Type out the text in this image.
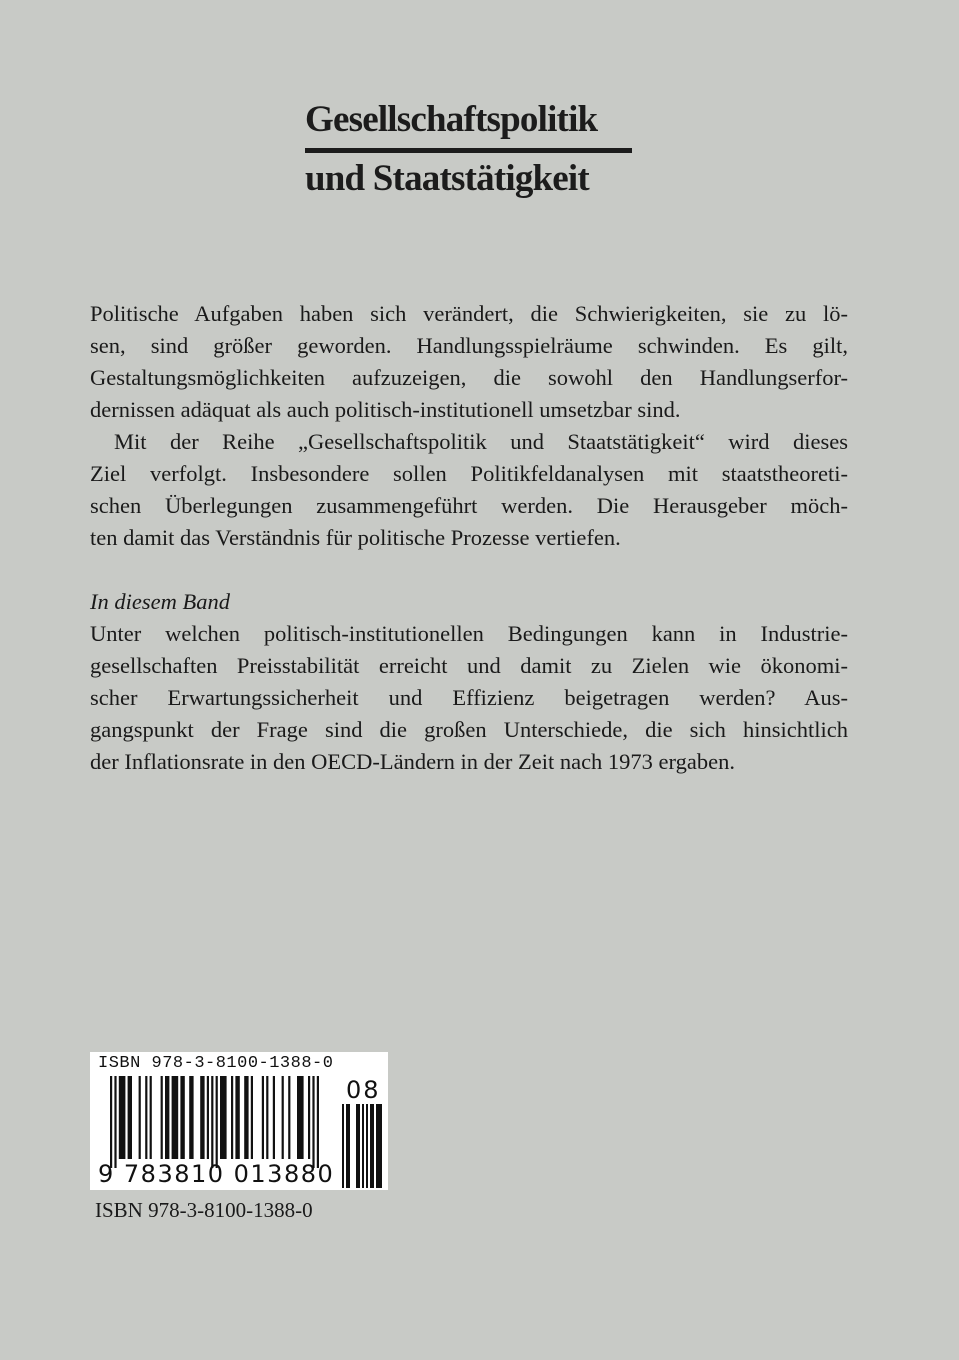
Gesellschaftspolitik
und Staatstätigkeit
Politische Aufgaben haben sich verändert, die Schwierigkeiten, sie zu lö-
sen, sind größer geworden. Handlungsspielräume schwinden. Es gilt,
Gestaltungsmöglichkeiten aufzuzeigen, die sowohl den Handlungserfor-
dernissen adäquat als auch politisch-institutionell umsetzbar sind.
Mit der Reihe „Gesellschaftspolitik und Staatstätigkeit“ wird dieses
Ziel verfolgt. Insbesondere sollen Politikfeldanalysen mit staatstheoreti-
schen Überlegungen zusammengeführt werden. Die Herausgeber möch-
ten damit das Verständnis für politische Prozesse vertiefen.
In diesem Band
Unter welchen politisch-institutionellen Bedingungen kann in Industrie-
gesellschaften Preisstabilität erreicht und damit zu Zielen wie ökonomi-
scher Erwartungssicherheit und Effizienz beigetragen werden? Aus-
gangspunkt der Frage sind die großen Unterschiede, die sich hinsichtlich
der Inflationsrate in den OECD-Ländern in der Zeit nach 1973 ergaben.
ISBN 978-3-8100-1388-0
08
9 783810 013880
ISBN 978-3-8100-1388-0
